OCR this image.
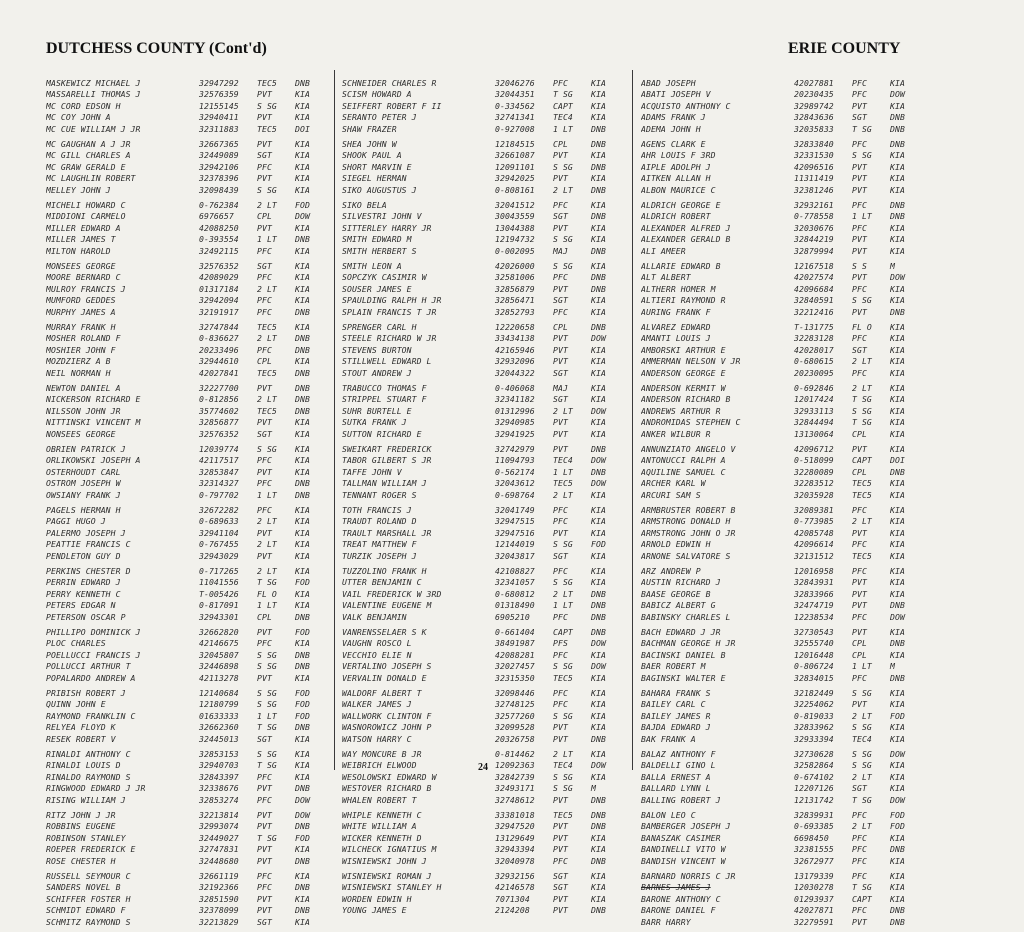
DUTCHESS COUNTY (Cont'd)	ERIE COUNTY
MASKEWICZ MICHAEL J	32947292	TEC5	DNB
MASSARELLI THOMAS J	32576359	PVT	KIA
MC CORD EDSON H	12155145	S SG	KIA
MC COY JOHN A	32940411	PVT	KIA
MC CUE WILLIAM J JR	32311883	TEC5	DOI
MC GAUGHAN A J JR	32667365	PVT	KIA
MC GILL CHARLES A	32449089	SGT	KIA
MC GRAW GERALD E	32942106	PFC	KIA
MC LAUGHLIN ROBERT	32378396	PVT	KIA
MELLEY JOHN J	32098439	S SG	KIA
MICHELI HOWARD C	0-762384	2 LT	FOD
MIDDIONI CARMELO	6976657	CPL	DOW
MILLER EDWARD A	42088250	PVT	KIA
MILLER JAMES T	0-393554	1 LT	DNB
MILTON HAROLD	32492115	PFC	KIA
MONSEES GEORGE	32576352	SGT	KIA
MOORE BERNARD C	42089029	PFC	KIA
MULROY FRANCIS J	01317184	2 LT	KIA
MUMFORD GEDDES	32942094	PFC	KIA
MURPHY JAMES A	32191917	PFC	DNB
MURRAY FRANK H	32747844	TEC5	KIA
MOSHER ROLAND F	0-836627	2 LT	DNB
MOSHIER JOHN F	20233496	PFC	DNB
MOZDZIERZ A B	32944610	CPL	KIA
NEIL NORMAN H	42027841	TEC5	DNB
NEWTON DANIEL A	32227700	PVT	DNB
NICKERSON RICHARD E	0-812856	2 LT	DNB
NILSSON JOHN JR	35774602	TEC5	DNB
NITTINSKI VINCENT M	32856877	PVT	KIA
NONSEES GEORGE	32576352	SGT	KIA
OBRIEN PATRICK J	12039774	S SG	KIA
ORLIKOWSKI JOSEPH A	42117517	PFC	KIA
OSTERHOUDT CARL	32853847	PVT	KIA
OSTROM JOSEPH W	32314327	PFC	DNB
OWSIANY FRANK J	0-797702	1 LT	DNB
PAGELS HERMAN H	32672282	PFC	KIA
PAGGI HUGO J	0-689633	2 LT	KIA
PALERMO JOSEPH J	32941104	PVT	KIA
PEATTIE FRANCIS C	0-767455	2 LT	KIA
PENDLETON GUY D	32943029	PVT	KIA
PERKINS CHESTER D	0-717265	2 LT	KIA
PERRIN EDWARD J	11041556	T SG	FOD
PERRY KENNETH C	T-005426	FL O	KIA
PETERS EDGAR N	0-817091	1 LT	KIA
PETERSON OSCAR P	32943301	CPL	DNB
PHILLIPO DOMINICK J	32662820	PVT	FOD
PLOC CHARLES	42146675	PFC	KIA
POELLUCCI FRANCIS J	32045807	S SG	DNB
POLLUCCI ARTHUR T	32446898	S SG	DNB
POPALARDO ANDREW A	42113278	PVT	KIA
PRIBISH ROBERT J	12140684	S SG	FOD
QUINN JOHN E	12180799	S SG	FOD
RAYMOND FRANKLIN C	01633333	1 LT	FOD
RELYEA FLOYD K	32662360	T SG	DNB
RESEK ROBERT V	32445013	SGT	KIA
RINALDI ANTHONY C	32853153	S SG	KIA
RINALDI LOUIS D	32940703	T SG	KIA
RINALDO RAYMOND S	32843397	PFC	KIA
RINGWOOD EDWARD J JR	32338676	PVT	DNB
RISING WILLIAM J	32853274	PFC	DOW
RITZ JOHN J JR	32213814	PVT	DOW
ROBBINS EUGENE	32993074	PVT	DNB
ROBINSON STANLEY	32449027	T SG	FOD
ROEPER FREDERICK E	32747831	PVT	KIA
ROSE CHESTER H	32448680	PVT	DNB
RUSSELL SEYMOUR C	32661119	PFC	KIA
SANDERS NOVEL B	32192366	PFC	DNB
SCHIFFER FOSTER H	32851590	PVT	KIA
SCHMIDT EDWARD F	32378099	PVT	DNB
SCHMITZ RAYMOND S	32213829	SGT	KIA
SCHNEIDER CHARLES R	32046276	PFC	KIA
SCISM HOWARD A	32044351	T SG	KIA
SEIFFERT ROBERT F II	0-334562	CAPT	KIA
SERANTO PETER J	32741341	TEC4	KIA
SHAW FRAZER	0-927008	1 LT	DNB
SHEA JOHN W	12184515	CPL	DNB
SHOOK PAUL A	32661087	PVT	KIA
SHORT MARVIN E	12091101	S SG	DNB
SIEGEL HERMAN	32942025	PVT	KIA
SIKO AUGUSTUS J	0-808161	2 LT	DNB
SIKO BELA	32041512	PFC	KIA
SILVESTRI JOHN V	30043559	SGT	DNB
SITTERLEY HARRY JR	13044388	PVT	KIA
SMITH EDWARD M	12194732	S SG	KIA
SMITH HERBERT S	0-002095	MAJ	DNB
SMITH LEON A	42026000	S SG	KIA
SOPCZYK CASIMIR W	32581006	PFC	DNB
SOUSER JAMES E	32856879	PVT	DNB
SPAULDING RALPH H JR	32856471	SGT	KIA
SPLAIN FRANCIS T JR	32852793	PFC	KIA
SPRENGER CARL H	12220658	CPL	DNB
STEELE RICHARD W JR	33434138	PVT	DOW
STEVENS BURTON	42165946	PVT	KIA
STILLWELL EDWARD L	32932096	PVT	KIA
STOUT ANDREW J	32044322	SGT	KIA
TRABUCCO THOMAS F	0-406068	MAJ	KIA
STRIPPEL STUART F	32341182	SGT	KIA
SUHR BURTELL E	01312996	2 LT	DOW
SUTKA FRANK J	32940985	PVT	KIA
SUTTON RICHARD E	32941925	PVT	KIA
SWEIKART FREDERICK	32742979	PVT	DNB
TABOR GILBERT S JR	11094793	TEC4	DOW
TAFFE JOHN V	0-562174	1 LT	DNB
TALLMAN WILLIAM J	32043612	TEC5	DOW
TENNANT ROGER S	0-698764	2 LT	KIA
TOTH FRANCIS J	32041749	PFC	KIA
TRAUDT ROLAND D	32947515	PFC	KIA
TRAULT MARSHALL JR	32947516	PVT	KIA
TREAT MATTHEW F	12144019	S SG	FOD
TURZIK JOSEPH J	32043817	SGT	KIA
TUZZOLINO FRANK H	42108827	PFC	KIA
UTTER BENJAMIN C	32341057	S SG	KIA
VAIL FREDERICK W 3RD	0-680812	2 LT	DNB
VALENTINE EUGENE M	01318490	1 LT	DNB
VALK BENJAMIN	6905210	PFC	DNB
VANRENSSELAER S K	0-661404	CAPT	DNB
VAUGHN ROSCO L	38491987	PFS	DOW
VECCHIO ELIE N	42088281	PFC	KIA
VERTALINO JOSEPH S	32027457	S SG	DOW
VERVALIN DONALD E	32315350	TEC5	KIA
WALDORF ALBERT T	32098446	PFC	KIA
WALKER JAMES J	32748125	PFC	KIA
WALLWORK CLINTON F	32577260	S SG	KIA
WASNOROWICZ JOHN P	32099528	PVT	KIA
WATSON HARRY C	20326758	PVT	DNB
WAY MONCURE B JR	0-814462	2 LT	KIA
WEIBRICH ELWOOD	12092363	TEC4	DOW
WESOLOWSKI EDWARD W	32842739	S SG	KIA
WESTOVER RICHARD B	32493171	S SG	M
WHALEN ROBERT T	32748612	PVT	DNB
WHIPLE KENNETH C	33381018	TEC5	DNB
WHITE WILLIAM A	32947520	PVT	DNB
WICKER KENNETH D	13129649	PVT	KIA
WILCHECK IGNATIUS M	32943394	PVT	KIA
WISNIEWSKI JOHN J	32040978	PFC	DNB
WISNIEWSKI ROMAN J	32932156	SGT	KIA
WISNIEWSKI STANLEY H	42146578	SGT	KIA
WORDEN EDWIN H	7071304	PVT	KIA
YOUNG JAMES E	2124208	PVT	DNB
ABAD JOSEPH	42027881	PFC	KIA
ABATI JOSEPH V	20230435	PFC	DOW
ACQUISTO ANTHONY C	32989742	PVT	KIA
ADAMS FRANK J	32843636	SGT	DNB
ADEMA JOHN H	32035833	T SG	DNB
AGENS CLARK E	32833840	PFC	DNB
AHR LOUIS F 3RD	32331530	S SG	KIA
AIPLE ADOLPH J	42096516	PVT	KIA
AITKEN ALLAN H	11311419	PVT	KIA
ALBON MAURICE C	32381246	PVT	KIA
ALDRICH GEORGE E	32932161	PFC	DNB
ALDRICH ROBERT	0-778558	1 LT	DNB
ALEXANDER ALFRED J	32030676	PFC	KIA
ALEXANDER GERALD B	32844219	PVT	KIA
ALI AMEER	32879994	PVT	KIA
ALLARIE EDWARD B	12167518	S S	M
ALT ALBERT	42027574	PVT	DOW
ALTHERR HOMER M	42096684	PFC	KIA
ALTIERI RAYMOND R	32840591	S SG	KIA
AURING FRANK F	32212416	PVT	DNB
ALVAREZ EDWARD	T-131775	FL O	KIA
AMANTI LOUIS J	32283128	PFC	KIA
AMBORSKI ARTHUR E	42028017	SGT	KIA
AMMERMAN NELSON V JR	0-680615	2 LT	KIA
ANDERSON GEORGE E	20230095	PFC	KIA
ANDERSON KERMIT W	0-692846	2 LT	KIA
ANDERSON RICHARD B	12017424	T SG	KIA
ANDREWS ARTHUR R	32933113	S SG	KIA
ANDROMIDAS STEPHEN C	32844494	T SG	KIA
ANKER WILBUR R	13130064	CPL	KIA
ANNUNZIATO ANGELO V	42096712	PVT	KIA
ANTONUCCI RALPH A	0-518099	CAPT	DOI
AQUILINE SAMUEL C	32280089	CPL	DNB
ARCHER KARL W	32283512	TEC5	KIA
ARCURI SAM S	32035928	TEC5	KIA
ARMBRUSTER ROBERT B	32089381	PFC	KIA
ARMSTRONG DONALD H	0-773985	2 LT	KIA
ARMSTRONG JOHN O JR	42085748	PVT	KIA
ARNOLD EDWIN H	42096614	PFC	KIA
ARNONE SALVATORE S	32131512	TEC5	KIA
ARZ ANDREW P	12016958	PFC	KIA
AUSTIN RICHARD J	32843931	PVT	KIA
BAASE GEORGE B	32833966	PVT	KIA
BABICZ ALBERT G	32474719	PVT	DNB
BABINSKY CHARLES L	12238534	PFC	DOW
BACH EDWARD J JR	32730543	PVT	KIA
BACHMAN GEORGE H JR	32555740	CPL	DNB
BACINSKI DANIEL B	12016448	CPL	KIA
BAER ROBERT M	0-806724	1 LT	M
BAGINSKI WALTER E	32834015	PFC	DNB
BAHARA FRANK S	32182449	S SG	KIA
BAILEY CARL C	32254062	PVT	KIA
BAILEY JAMES R	0-819033	2 LT	FOD
BAJDA EDWARD J	32833962	S SG	KIA
BAK FRANK A	32933394	TEC4	KIA
BALAZ ANTHONY F	32730628	S SG	DOW
BALDELLI GINO L	32582864	S SG	KIA
BALLA ERNEST A	0-674102	2 LT	KIA
BALLARD LYNN L	12207126	SGT	KIA
BALLING ROBERT J	12131742	T SG	DOW
BALON LEO C	32839931	PFC	FOD
BAMBERGER JOSEPH J	0-693385	2 LT	FOD
BANASZAK CASIMER	6698450	PFC	KIA
BANDINELLI VITO W	32381555	PFC	DNB
BANDISH VINCENT W	32672977	PFC	KIA
BARNARD NORRIS C JR	13179339	PFC	KIA
BARNES JAMES J	12030278	T SG	KIA
BARONE ANTHONY C	01293937	CAPT	KIA
BARONE DANIEL F	42027871	PFC	DNB
BARR HARRY	32279591	PVT	DNB
24
